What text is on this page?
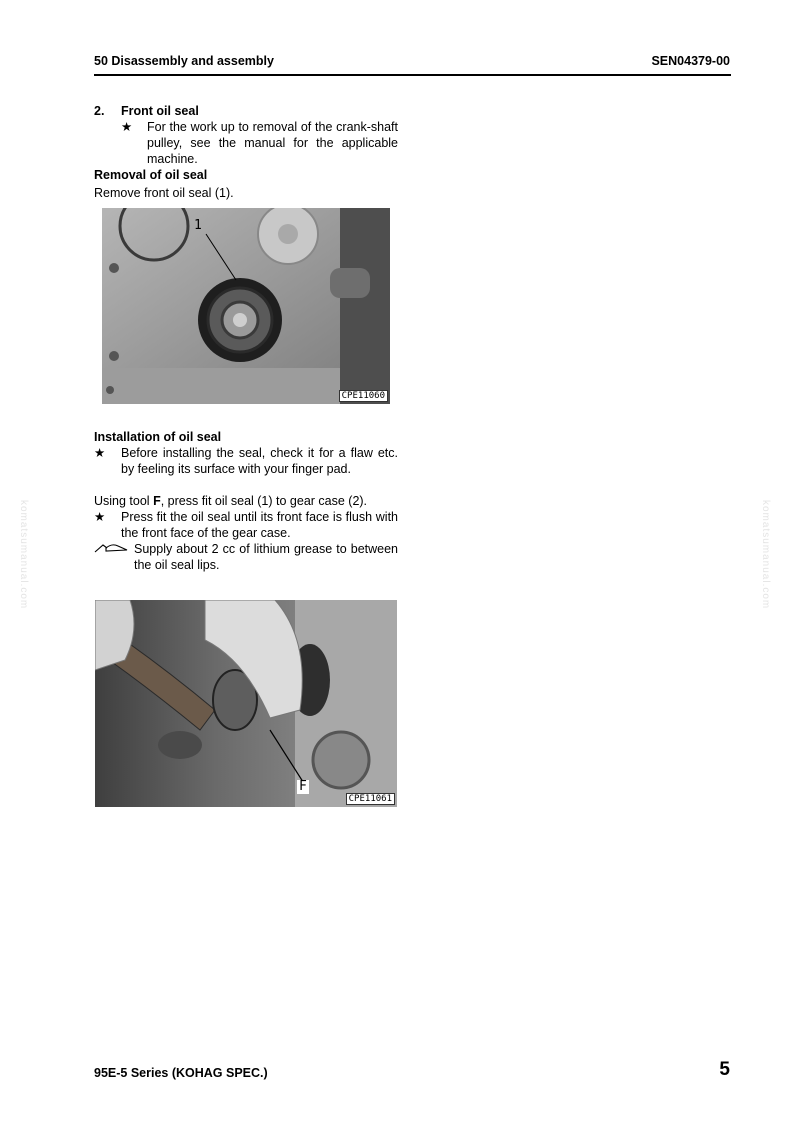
50 Disassembly and assembly	SEN04379-00
2. Front oil seal
★ For the work up to removal of the crank-shaft pulley, see the manual for the applicable machine.
Removal of oil seal
Remove front oil seal (1).
1
CPE11060
Installation of oil seal
★ Before installing the seal, check it for a flaw etc. by feeling its surface with your finger pad.
Using tool F, press fit oil seal (1) to gear case (2).
★ Press fit the oil seal until its front face is flush with the front face of the gear case.
Supply about 2 cc of lithium grease to between the oil seal lips.
F
CPE11061
komatsumanual.com	komatsumanual.com
95E-5 Series (KOHAG SPEC.)	5
